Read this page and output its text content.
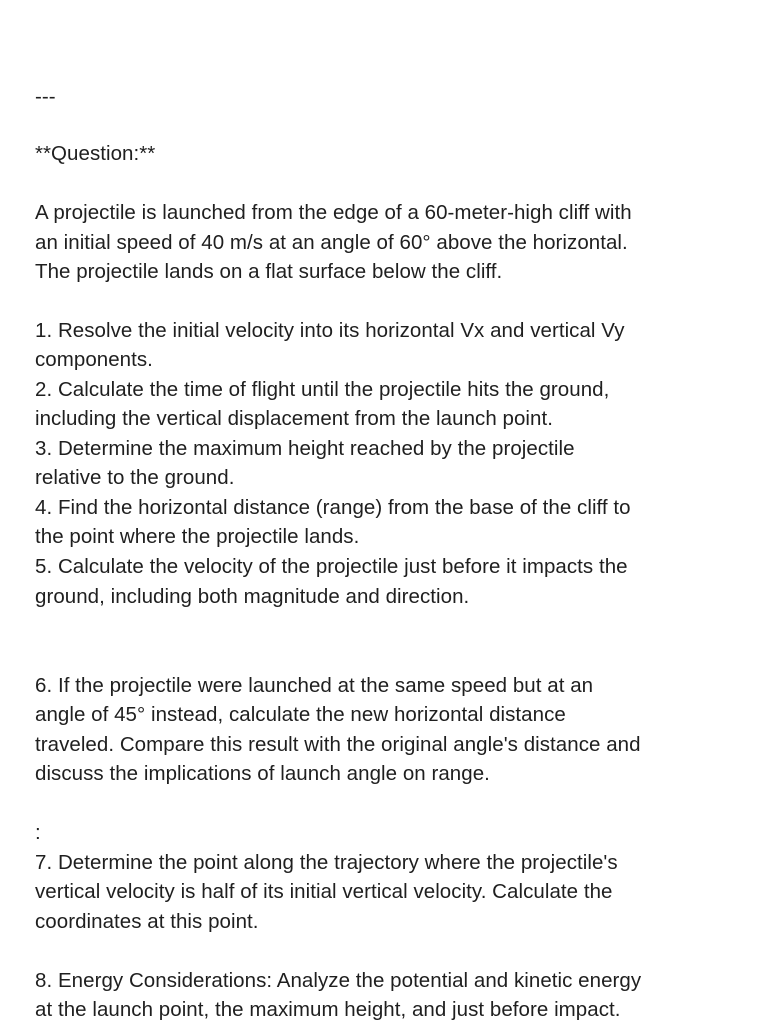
---
**Question:**
A projectile is launched from the edge of a 60-meter-high cliff with
an initial speed of 40 m/s at an angle of 60° above the horizontal.
The projectile lands on a flat surface below the cliff.
1. Resolve the initial velocity into its horizontal Vx and vertical Vy
components.
2. Calculate the time of flight until the projectile hits the ground,
including the vertical displacement from the launch point.
3. Determine the maximum height reached by the projectile
relative to the ground.
4. Find the horizontal distance (range) from the base of the cliff to
the point where the projectile lands.
5. Calculate the velocity of the projectile just before it impacts the
ground, including both magnitude and direction.
6. If the projectile were launched at the same speed but at an
angle of 45° instead, calculate the new horizontal distance
traveled. Compare this result with the original angle's distance and
discuss the implications of launch angle on range.
:
7. Determine the point along the trajectory where the projectile's
vertical velocity is half of its initial vertical velocity. Calculate the
coordinates at this point.
8. Energy Considerations: Analyze the potential and kinetic energy
at the launch point, the maximum height, and just before impact.
